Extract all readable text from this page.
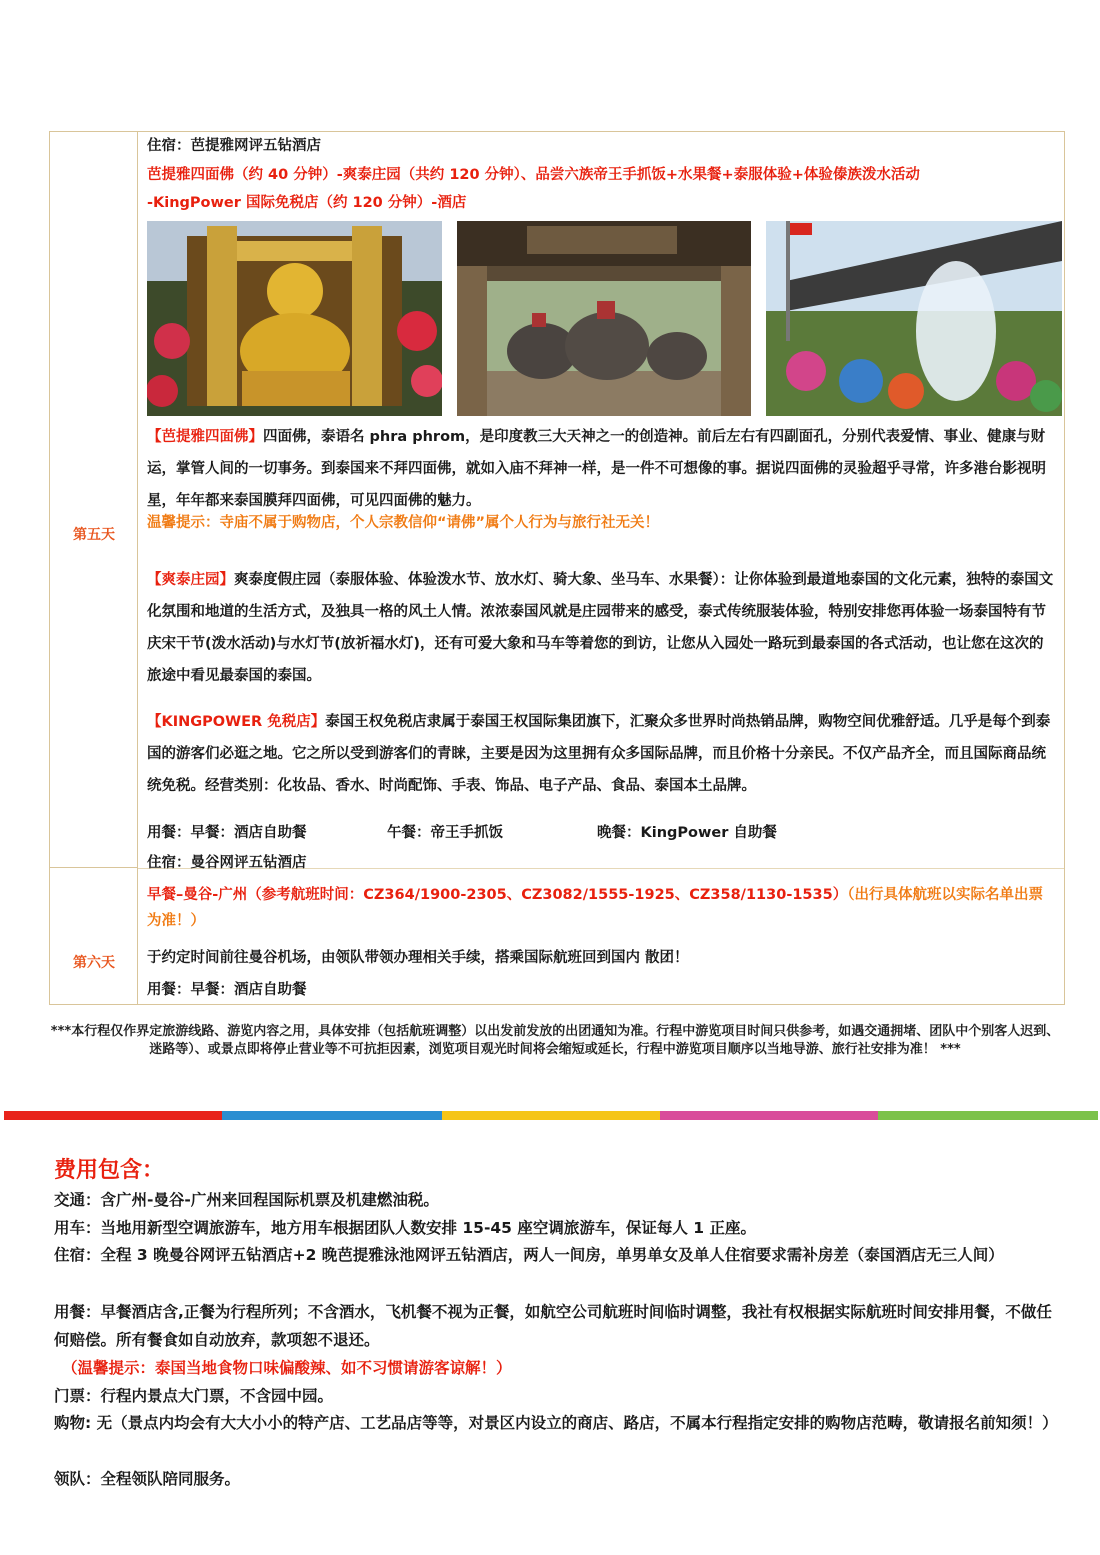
第五天
第六天
住宿：芭提雅网评五钻酒店
芭提雅四面佛（约 40 分钟）-爽泰庄园（共约 120 分钟）、品尝六族帝王手抓饭+水果餐+泰服体验+体验傣族泼水活动
-KingPower 国际免税店（约 120 分钟）-酒店
【芭提雅四面佛】四面佛，泰语名 phra phrom，是印度教三大天神之一的创造神。前后左右有四副面孔，分别代表爱情、事业、健康与财运，掌管人间的一切事务。到泰国来不拜四面佛，就如入庙不拜神一样，是一件不可想像的事。据说四面佛的灵验超乎寻常，许多港台影视明星，年年都来泰国膜拜四面佛，可见四面佛的魅力。
温馨提示：寺庙不属于购物店，个人宗教信仰“请佛”属个人行为与旅行社无关！
【爽泰庄园】爽泰度假庄园（泰服体验、体验泼水节、放水灯、骑大象、坐马车、水果餐）：让你体验到最道地泰国的文化元素，独特的泰国文化氛围和地道的生活方式，及独具一格的风土人情。浓浓泰国风就是庄园带来的感受，泰式传统服装体验，特别安排您再体验一场泰国特有节庆宋干节(泼水活动)与水灯节(放祈福水灯)，还有可爱大象和马车等着您的到访，让您从入园处一路玩到最泰国的各式活动，也让您在这次的旅途中看见最泰国的泰国。
【KINGPOWER 免税店】泰国王权免税店隶属于泰国王权国际集团旗下，汇聚众多世界时尚热销品牌，购物空间优雅舒适。几乎是每个到泰国的游客们必逛之地。它之所以受到游客们的青睐，主要是因为这里拥有众多国际品牌，而且价格十分亲民。不仅产品齐全，而且国际商品统统免税。经营类别：化妆品、香水、时尚配饰、手表、饰品、电子产品、食品、泰国本土品牌。
用餐：早餐：酒店自助餐	午餐：帝王手抓饭	晚餐：KingPower 自助餐
住宿：曼谷网评五钻酒店
早餐–曼谷-广州（参考航班时间：CZ364/1900-2305、CZ3082/1555-1925、CZ358/1130-1535）（出行具体航班以实际名单出票为准！）
于约定时间前往曼谷机场，由领队带领办理相关手续，搭乘国际航班回到国内 散团！
用餐：早餐：酒店自助餐
***本行程仅作界定旅游线路、游览内容之用，具体安排（包括航班调整）以出发前发放的出团通知为准。行程中游览项目时间只供参考，如遇交通拥堵、团队中个别客人迟到、迷路等）、或景点即将停止营业等不可抗拒因素，浏览项目观光时间将会缩短或延长，行程中游览项目顺序以当地导游、旅行社安排为准！ ***
费用包含：
交通：含广州-曼谷-广州来回程国际机票及机建燃油税。
用车：当地用新型空调旅游车，地方用车根据团队人数安排 15-45 座空调旅游车，保证每人 1 正座。
住宿：全程 3 晚曼谷网评五钻酒店+2 晚芭提雅泳池网评五钻酒店，两人一间房，单男单女及单人住宿要求需补房差（泰国酒店无三人间）
用餐：早餐酒店含,正餐为行程所列；不含酒水，飞机餐不视为正餐，如航空公司航班时间临时调整，我社有权根据实际航班时间安排用餐，不做任何赔偿。所有餐食如自动放弃，款项恕不退还。
（温馨提示：泰国当地食物口味偏酸辣、如不习惯请游客谅解！）
门票：行程内景点大门票，不含园中园。
购物: 无（景点内均会有大大小小的特产店、工艺品店等等，对景区内设立的商店、路店，不属本行程指定安排的购物店范畴，敬请报名前知须！）
领队：全程领队陪同服务。
